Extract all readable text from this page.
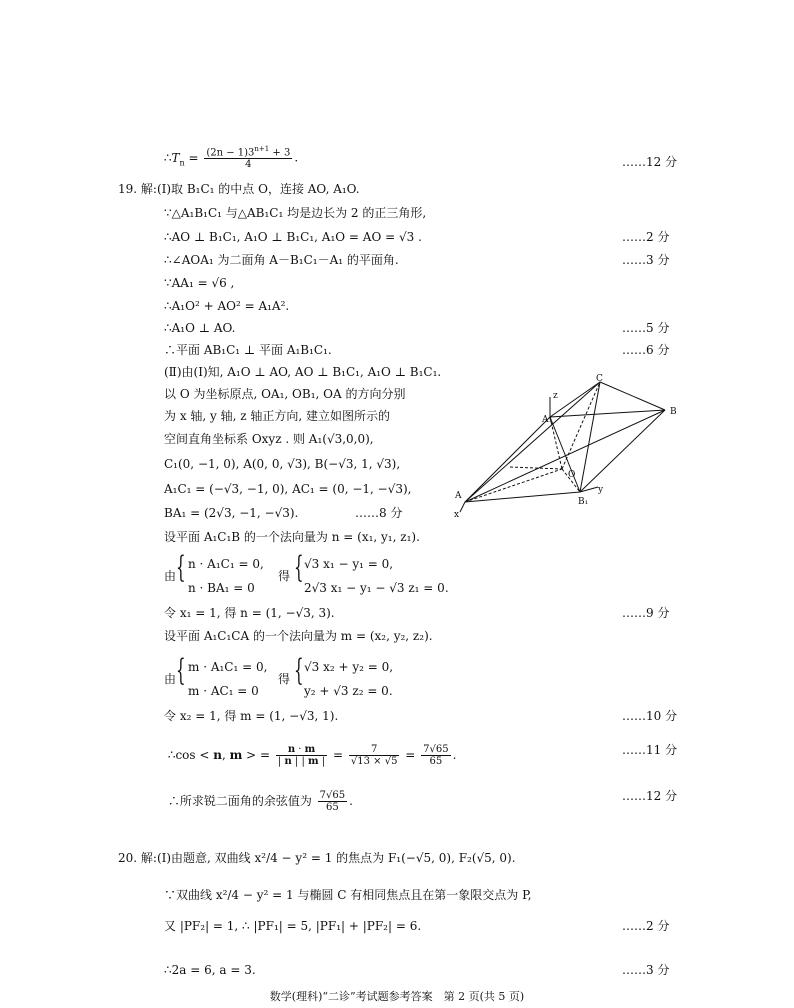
$\therefore T_n = \frac{(2n - 1)3^{n+1} + 3}{4}$ .	……12 分
19. 解:(Ⅰ)取 B₁C₁ 的中点 O，连接 AO, A₁O.
∵△A₁B₁C₁ 与△AB₁C₁ 均是边长为 2 的正三角形,
∴AO ⊥ B₁C₁, A₁O ⊥ B₁C₁, A₁O = AO = √3 .	……2 分
∴∠AOA₁ 为二面角 A－B₁C₁－A₁ 的平面角.	……3 分
∵AA₁ = √6 ,
∴A₁O² + AO² = A₁A².
∴A₁O ⊥ AO.	……5 分
∴平面 AB₁C₁ ⊥ 平面 A₁B₁C₁.	……6 分
(Ⅱ)由(Ⅰ)知, A₁O ⊥ AO, AO ⊥ B₁C₁, A₁O ⊥ B₁C₁.
以 O 为坐标原点, OA₁, OB₁, OA 的方向分别
为 x 轴, y 轴, z 轴正方向, 建立如图所示的
空间直角坐标系 Oxyz . 则 A₁(√3,0,0),
C₁(0, −1, 0), A(0, 0, √3), B(−√3, 1, √3),
A₁C₁ = (−√3, −1, 0), AC₁ = (0, −1, −√3),
BA₁ = (2√3, −1, −√3).	……8 分
设平面 A₁C₁B 的一个法向量为 n = (x₁, y₁, z₁).
由 { n · A₁C₁ = 0,
n · BA₁ = 0
得 { √3 x₁ − y₁ = 0,
2√3 x₁ − y₁ − √3 z₁ = 0.
令 x₁ = 1, 得 n = (1, −√3, 3).	……9 分
设平面 A₁C₁CA 的一个法向量为 m = (x₂, y₂, z₂).
由 { m · A₁C₁ = 0,
m · AC₁ = 0
得 { √3 x₂ + y₂ = 0,
y₂ + √3 z₂ = 0.
令 x₂ = 1, 得 m = (1, −√3, 1).	……10 分
∴cos < n, m > = $\frac{n \cdot m}{| n | | m |} = \frac{7}{√13 \times √5} = \frac{7√65}{65}$ .	……11 分
∴所求锐二面角的余弦值为 $\frac{7√65}{65}$ .	……12 分
20. 解:(Ⅰ)由题意, 双曲线 x²/4 − y² = 1 的焦点为 F₁(−√5, 0), F₂(√5, 0).
∵双曲线 x²/4 − y² = 1 与椭圆 C 有相同焦点且在第一象限交点为 P,
又 |PF₂| = 1, ∴ |PF₁| = 5, |PF₁| + |PF₂| = 6.	……2 分
∴2a = 6, a = 3.	……3 分
数学(理科)“二诊”考试题参考答案　第 2 页(共 5 页)
C
B
A₁
O
A
B₁
x
y
z
